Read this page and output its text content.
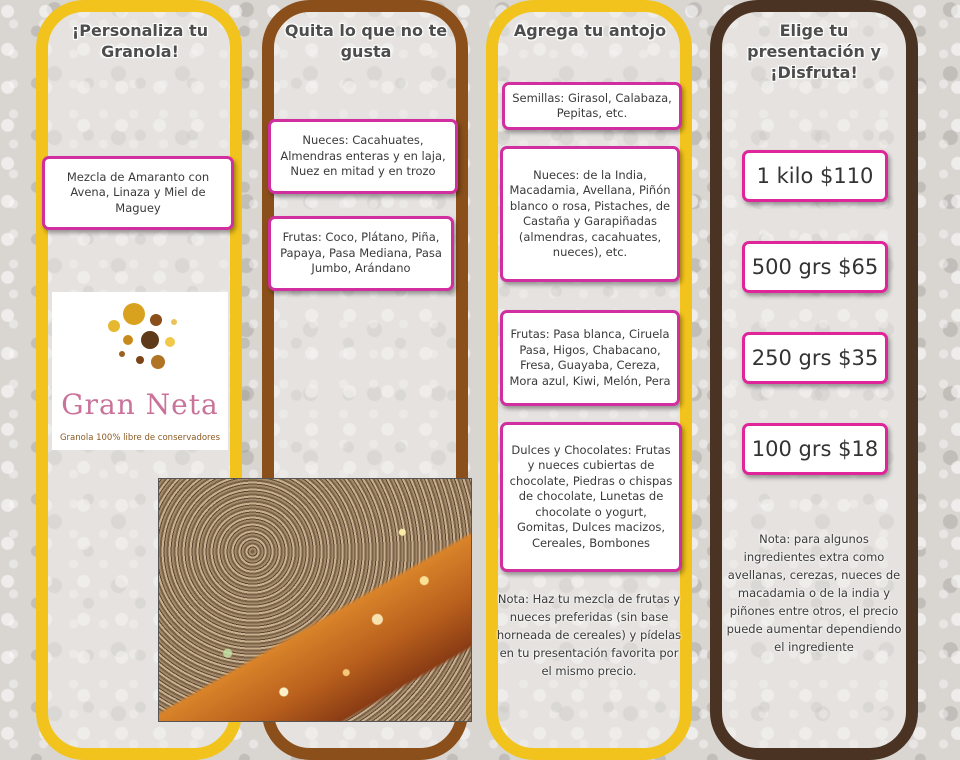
¡Personaliza tu Granola!
Mezcla de Amaranto con Avena, Linaza y Miel de Maguey
Gran Neta
Granola 100% libre de conservadores
Quita lo que no te gusta
Nueces: Cacahuates, Almendras enteras y en laja, Nuez en mitad y en trozo
Frutas: Coco, Plátano, Piña, Papaya, Pasa Mediana, Pasa Jumbo, Arándano
Agrega tu antojo
Semillas: Girasol, Calabaza, Pepitas, etc.
Nueces: de la India, Macadamia, Avellana, Piñón blanco o rosa, Pistaches, de Castaña y Garapiñadas (almendras, cacahuates, nueces), etc.
Frutas: Pasa blanca, Ciruela Pasa, Higos, Chabacano, Fresa, Guayaba, Cereza, Mora azul, Kiwi, Melón, Pera
Dulces y Chocolates: Frutas y nueces cubiertas de chocolate, Piedras o chispas de chocolate, Lunetas de chocolate o yogurt, Gomitas, Dulces macizos, Cereales, Bombones
Nota: Haz tu mezcla de frutas y nueces preferidas (sin base horneada de cereales) y pídelas en tu presentación favorita por el mismo precio.
Elige tu presentación y ¡Disfruta!
1 kilo $110
500 grs $65
250 grs $35
100 grs $18
Nota: para algunos ingredientes extra como avellanas, cerezas, nueces de macadamia o de la india y piñones entre otros, el precio puede aumentar dependiendo el ingrediente
